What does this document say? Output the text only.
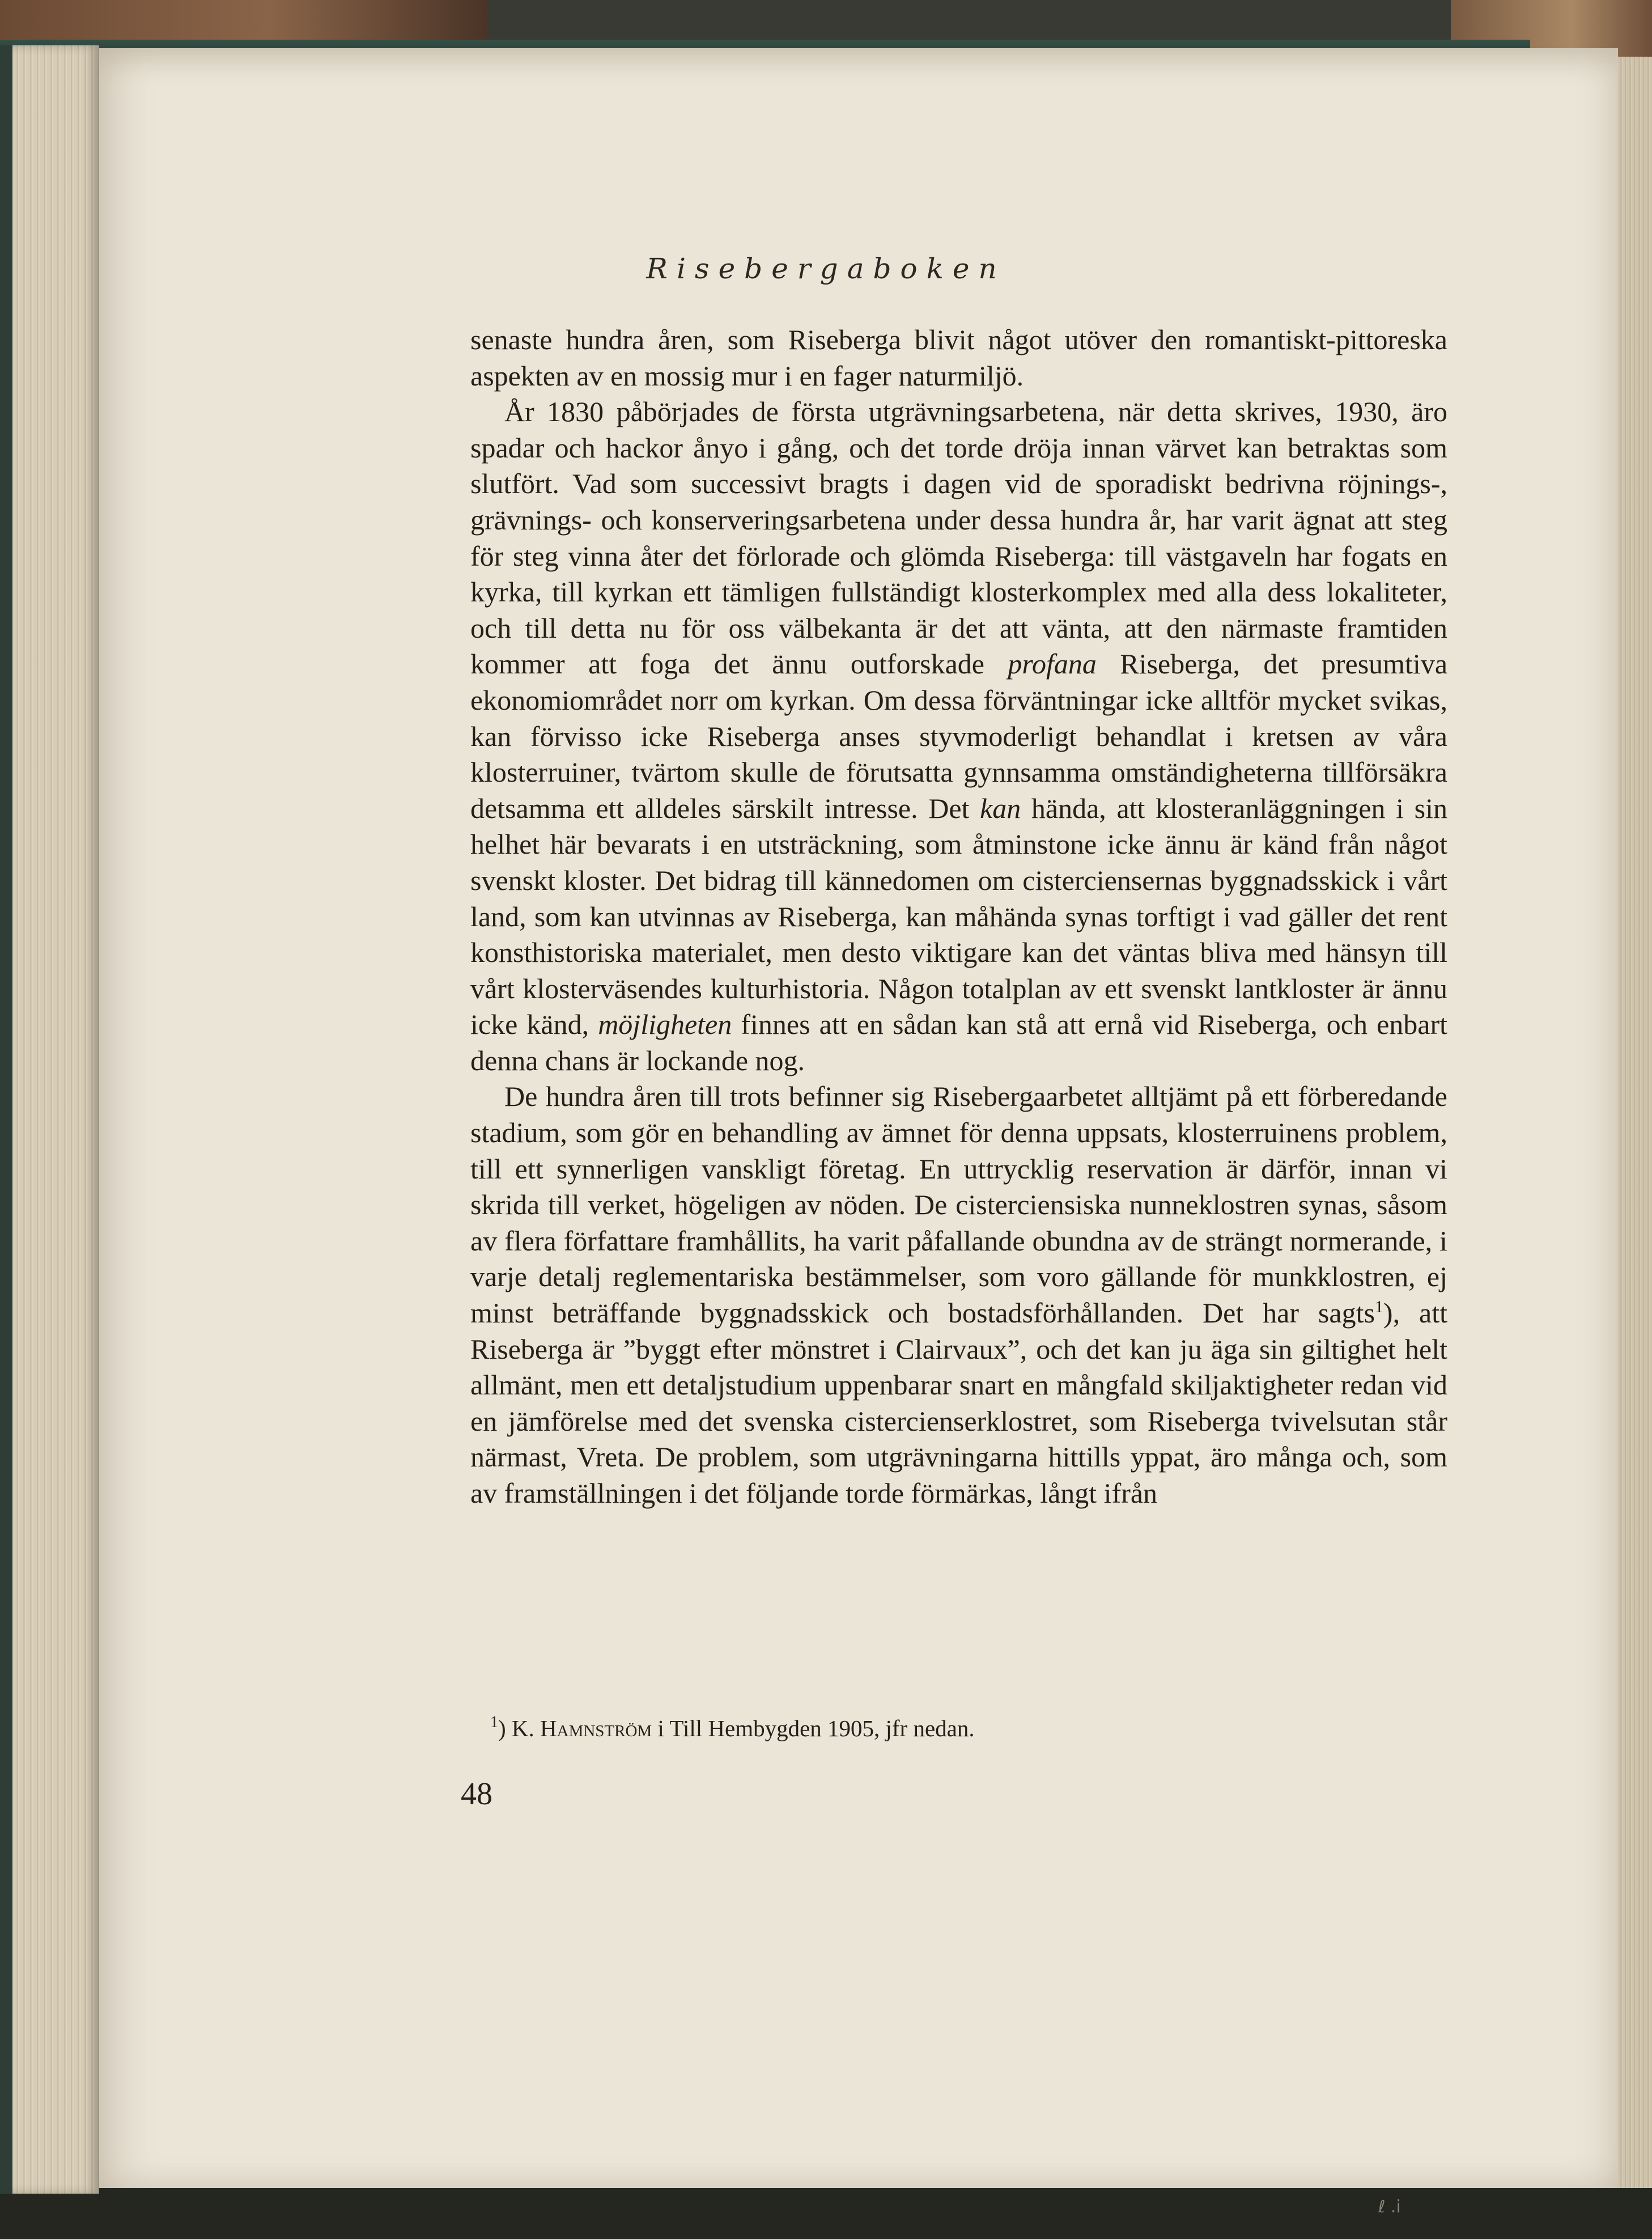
Risebergaboken

senaste hundra åren, som Riseberga blivit något utöver den romantiskt-pittoreska aspekten av en mossig mur i en fager naturmiljö.

År 1830 påbörjades de första utgrävningsarbetena, när detta skrives, 1930, äro spadar och hackor ånyo i gång, och det torde dröja innan värvet kan betraktas som slutfört. Vad som successivt bragts i dagen vid de sporadiskt bedrivna röjnings-, grävnings- och konserveringsarbetena under dessa hundra år, har varit ägnat att steg för steg vinna åter det förlorade och glömda Riseberga: till västgaveln har fogats en kyrka, till kyrkan ett tämligen fullständigt klosterkomplex med alla dess lokaliteter, och till detta nu för oss välbekanta är det att vänta, att den närmaste framtiden kommer att foga det ännu outforskade profana Riseberga, det presumtiva ekonomiområdet norr om kyrkan. Om dessa förväntningar icke alltför mycket svikas, kan förvisso icke Riseberga anses styvmoderligt behandlat i kretsen av våra klosterruiner, tvärtom skulle de förutsatta gynnsamma omständigheterna tillförsäkra detsamma ett alldeles särskilt intresse. Det kan hända, att klosteranläggningen i sin helhet här bevarats i en utsträckning, som åtminstone icke ännu är känd från något svenskt kloster. Det bidrag till kännedomen om cisterciensernas byggnadsskick i vårt land, som kan utvinnas av Riseberga, kan måhända synas torftigt i vad gäller det rent konsthistoriska materialet, men desto viktigare kan det väntas bliva med hänsyn till vårt klosterväsendes kulturhistoria. Någon totalplan av ett svenskt lantkloster är ännu icke känd, möjligheten finnes att en sådan kan stå att ernå vid Riseberga, och enbart denna chans är lockande nog.

De hundra åren till trots befinner sig Risebergaarbetet alltjämt på ett förberedande stadium, som gör en behandling av ämnet för denna uppsats, klosterruinens problem, till ett synnerligen vanskligt företag. En uttrycklig reservation är därför, innan vi skrida till verket, högeligen av nöden. De cisterciensiska nunneklostren synas, såsom av flera författare framhållits, ha varit påfallande obundna av de strängt normerande, i varje detalj reglementariska bestämmelser, som voro gällande för munkklostren, ej minst beträffande byggnadsskick och bostadsförhållanden. Det har sagts$^1$), att Riseberga är ”byggt efter mönstret i Clairvaux”, och det kan ju äga sin giltighet helt allmänt, men ett detaljstudium uppenbarar snart en mångfald skiljaktigheter redan vid en jämförelse med det svenska cistercienserklostret, som Riseberga tvivelsutan står närmast, Vreta. De problem, som utgrävningarna hittills yppat, äro många och, som av framställningen i det följande torde förmärkas, långt ifrån

$^1$) K. Hamnström i Till Hembygden 1905, jfr nedan.
48
ℓ .i
